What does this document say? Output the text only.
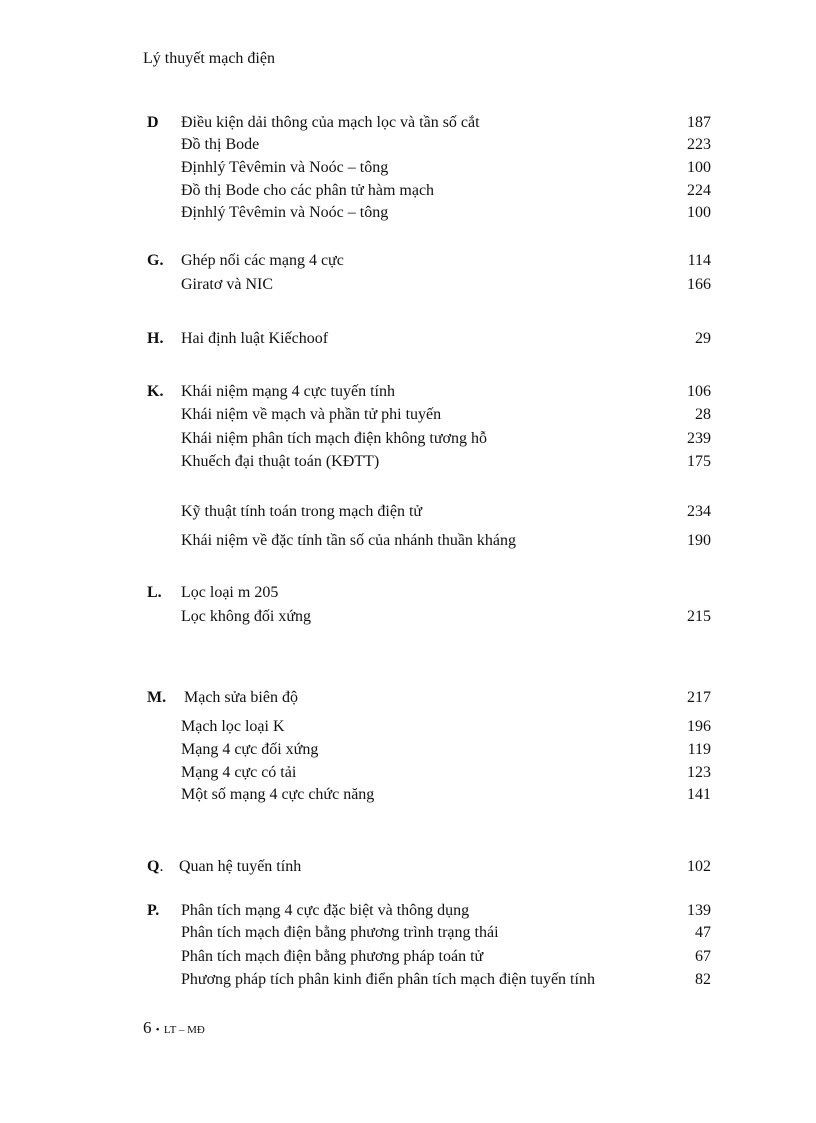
Lý thuyết mạch điện
D Điều kiện dải thông của mạch lọc và tần số cắt	187
Đồ thị Bode	223
Địnhlý Têvêmin và Noóc – tông	100
Đồ thị Bode cho các phân tử hàm mạch	224
Địnhlý Têvêmin và Noóc – tông	100
G. Ghép nối các mạng 4 cực	114
Giratơ và NIC	166
H. Hai định luật Kiếchoof	29
K. Khái niệm mạng 4 cực tuyến tính	106
Khái niệm về mạch và phần tử phi tuyến	28
Khái niệm phân tích mạch điện không tương hỗ	239
Khuếch đại thuật toán (KĐTT)	175
Kỹ thuật tính toán trong mạch điện tử	234
Khái niệm về đặc tính tần số của nhánh thuần kháng	190
L. Lọc loại m 205
Lọc không đối xứng	215
M. Mạch sửa biên độ	217
Mạch lọc loại K	196
Mạng 4 cực đối xứng	119
Mạng 4 cực có tải	123
Một số mạng 4 cực chức năng	141
Q. Quan hệ tuyến tính	102
P. Phân tích mạng 4 cực đặc biệt và thông dụng	139
Phân tích mạch điện bằng phương trình trạng thái	47
Phân tích mạch điện bằng phương pháp toán tử	67
Phương pháp tích phân kinh điển phân tích mạch điện tuyến tính	82
6 • LT – MĐ
